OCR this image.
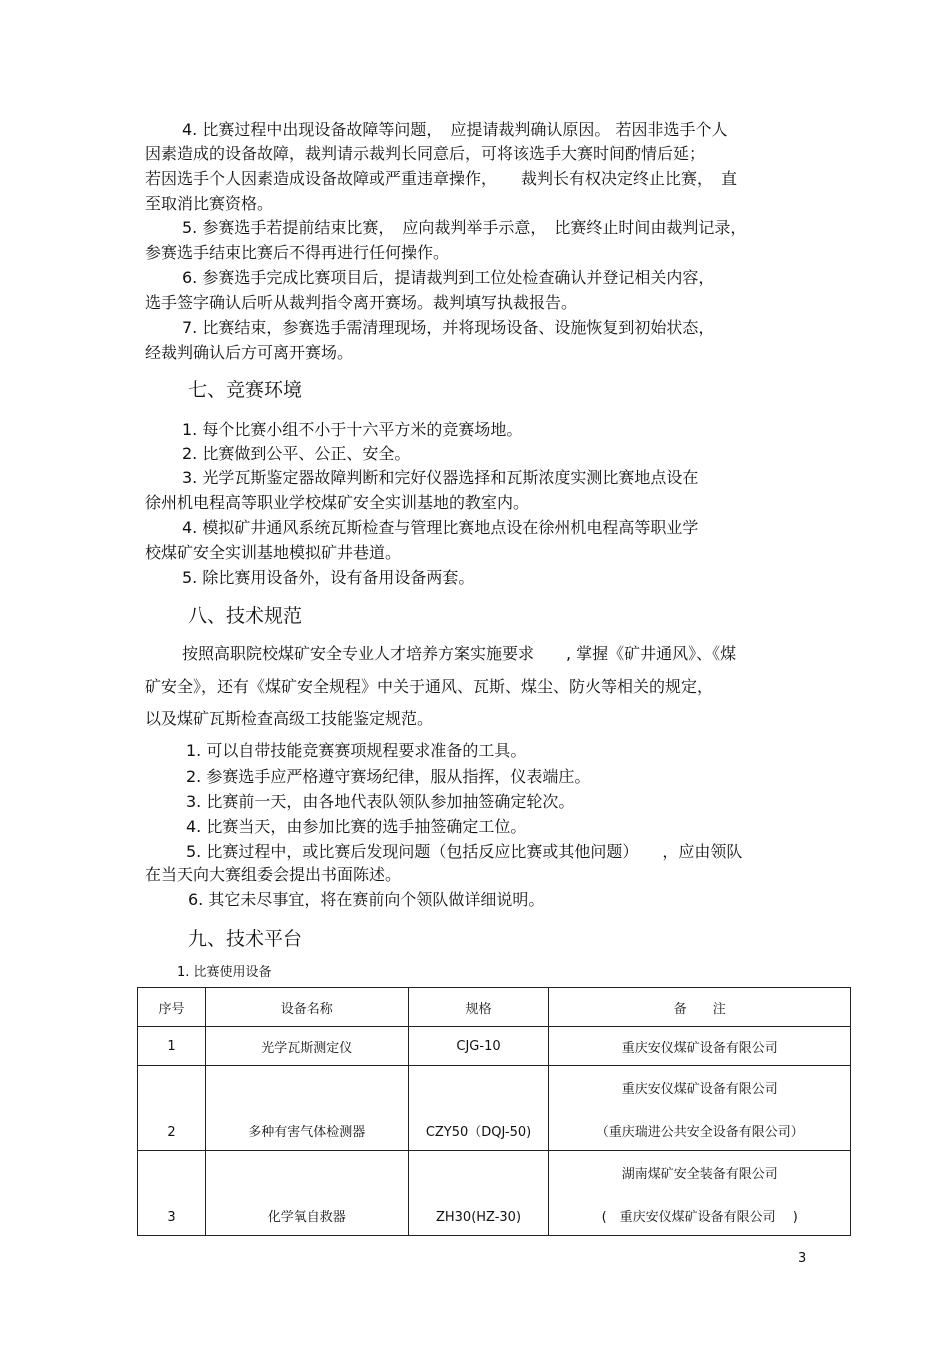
4. 比赛过程中出现设备故障等问题，　应提请裁判确认原因。 若因非选手个人
因素造成的设备故障，裁判请示裁判长同意后，可将该选手大赛时间酌情后延；
若因选手个人因素造成设备故障或严重违章操作，　　裁判长有权决定终止比赛，　直
至取消比赛资格。
5. 参赛选手若提前结束比赛，　应向裁判举手示意，　比赛终止时间由裁判记录，
参赛选手结束比赛后不得再进行任何操作。
6. 参赛选手完成比赛项目后，提请裁判到工位处检查确认并登记相关内容，
选手签字确认后听从裁判指令离开赛场。裁判填写执裁报告。
7. 比赛结束，参赛选手需清理现场，并将现场设备、设施恢复到初始状态，
经裁判确认后方可离开赛场。
七、竞赛环境
1. 每个比赛小组不小于十六平方米的竞赛场地。
2. 比赛做到公平、公正、安全。
3. 光学瓦斯鉴定器故障判断和完好仪器选择和瓦斯浓度实测比赛地点设在
徐州机电程高等职业学校煤矿安全实训基地的教室内。
4. 模拟矿井通风系统瓦斯检查与管理比赛地点设在徐州机电程高等职业学
校煤矿安全实训基地模拟矿井巷道。
5. 除比赛用设备外，设有备用设备两套。
八、技术规范
按照高职院校煤矿安全专业人才培养方案实施要求　　, 掌握《矿井通风》、《煤
矿安全》，还有《煤矿安全规程》中关于通风、瓦斯、煤尘、防火等相关的规定，
以及煤矿瓦斯检查高级工技能鉴定规范。
1. 可以自带技能竞赛赛项规程要求准备的工具。
2. 参赛选手应严格遵守赛场纪律，服从指挥，仪表端庄。
3. 比赛前一天，由各地代表队领队参加抽签确定轮次。
4. 比赛当天，由参加比赛的选手抽签确定工位。
5. 比赛过程中，或比赛后发现问题（包括反应比赛或其他问题）　　，应由领队
在当天向大赛组委会提出书面陈述。
6. 其它未尽事宜，将在赛前向个领队做详细说明。
九、技术平台
1. 比赛使用设备
序号	设备名称	规格	备　　注
1	光学瓦斯测定仪	CJG-10	重庆安仪煤矿设备有限公司
2	多种有害气体检测器	CZY50（DQJ-50)	重庆安仪煤矿设备有限公司
（重庆瑞进公共安全设备有限公司）

3	化学氧自救器	ZH30(HZ-30)	湖南煤矿安全装备有限公司
(　重庆安仪煤矿设备有限公司　 )
3
